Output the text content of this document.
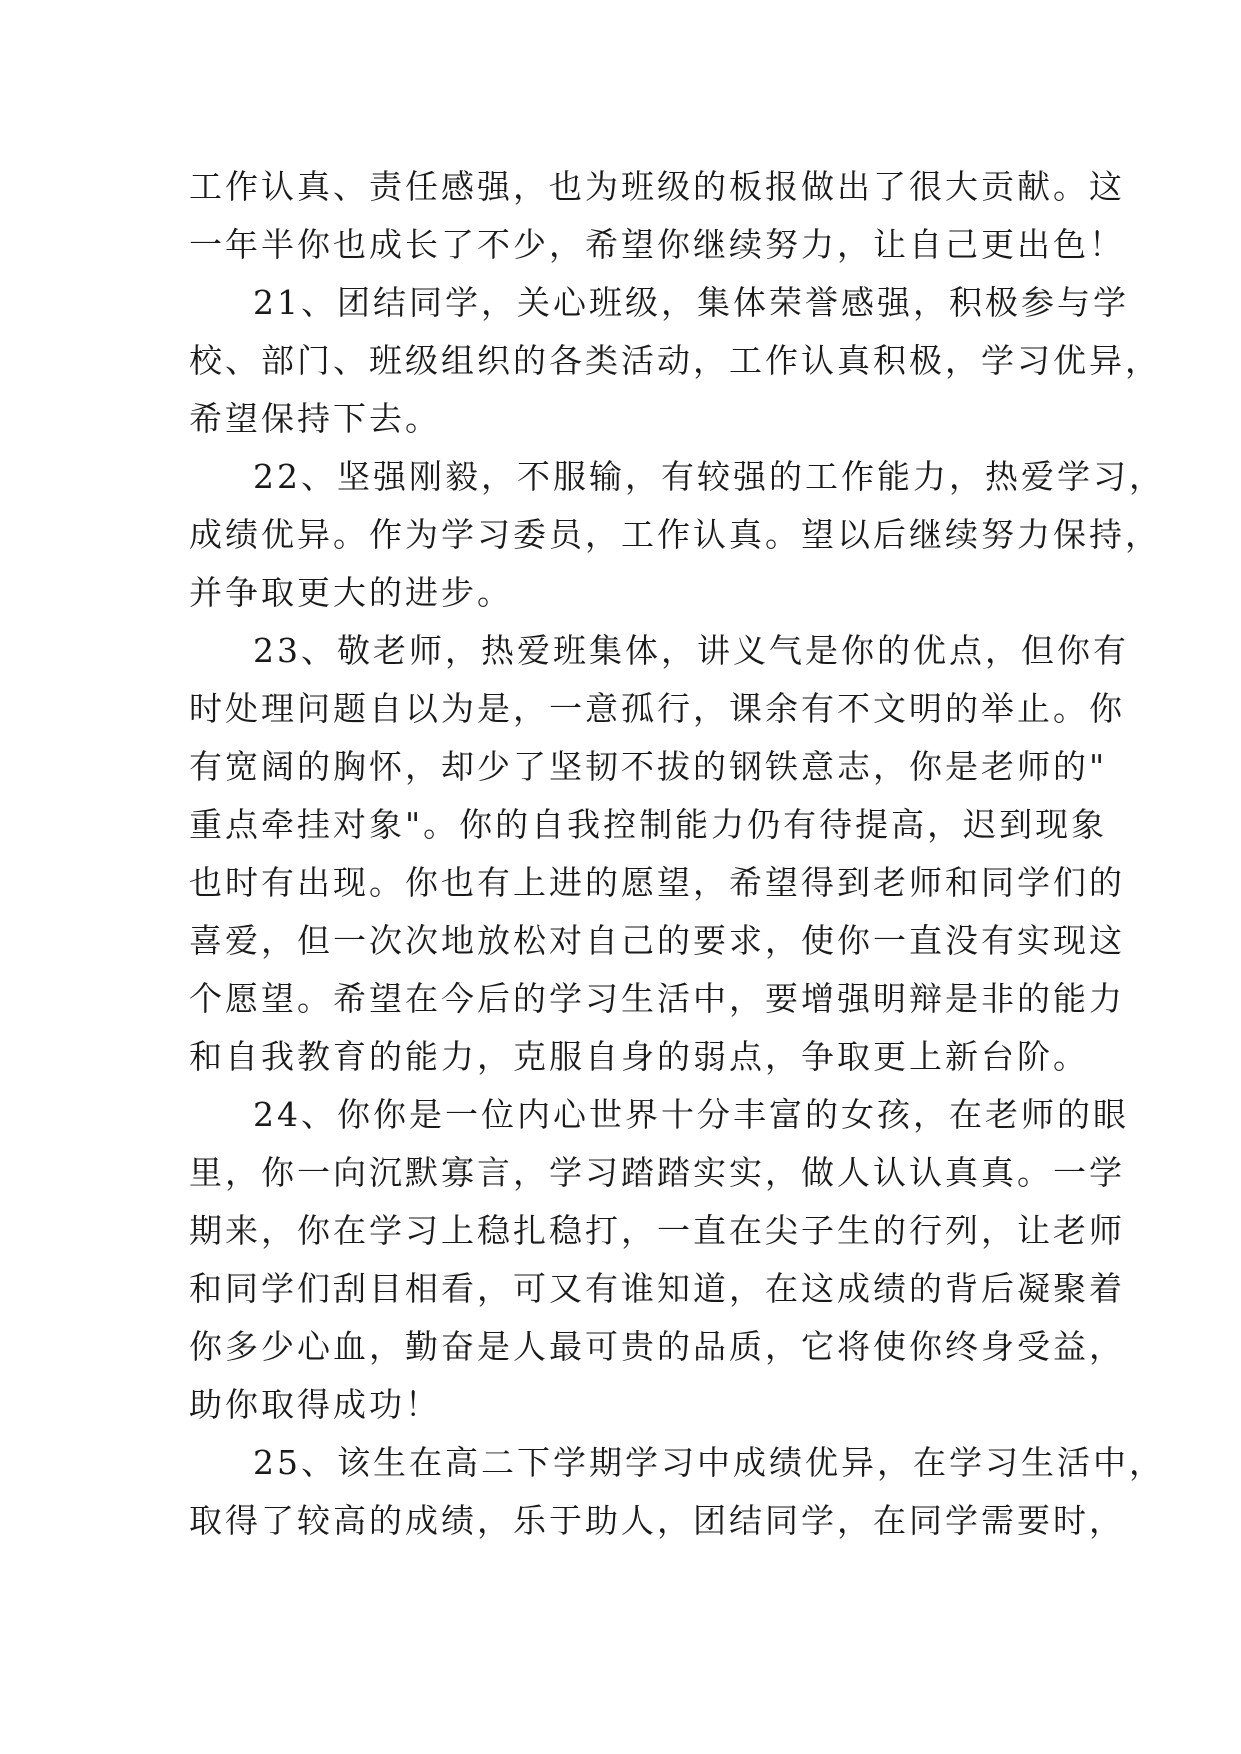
工作认真、责任感强，也为班级的板报做出了很大贡献。这
一年半你也成长了不少，希望你继续努力，让自己更出色！
21、团结同学，关心班级，集体荣誉感强，积极参与学
校、部门、班级组织的各类活动，工作认真积极，学习优异，
希望保持下去。
22、坚强刚毅，不服输，有较强的工作能力，热爱学习，
成绩优异。作为学习委员，工作认真。望以后继续努力保持，
并争取更大的进步。
23、敬老师，热爱班集体，讲义气是你的优点，但你有
时处理问题自以为是，一意孤行，课余有不文明的举止。你
有宽阔的胸怀，却少了坚韧不拔的钢铁意志，你是老师的"
重点牵挂对象"。你的自我控制能力仍有待提高，迟到现象
也时有出现。你也有上进的愿望，希望得到老师和同学们的
喜爱，但一次次地放松对自己的要求，使你一直没有实现这
个愿望。希望在今后的学习生活中，要增强明辩是非的能力
和自我教育的能力，克服自身的弱点，争取更上新台阶。
24、你你是一位内心世界十分丰富的女孩，在老师的眼
里，你一向沉默寡言，学习踏踏实实，做人认认真真。一学
期来，你在学习上稳扎稳打，一直在尖子生的行列，让老师
和同学们刮目相看，可又有谁知道，在这成绩的背后凝聚着
你多少心血，勤奋是人最可贵的品质，它将使你终身受益，
助你取得成功！
25、该生在高二下学期学习中成绩优异，在学习生活中，
取得了较高的成绩，乐于助人，团结同学，在同学需要时，
